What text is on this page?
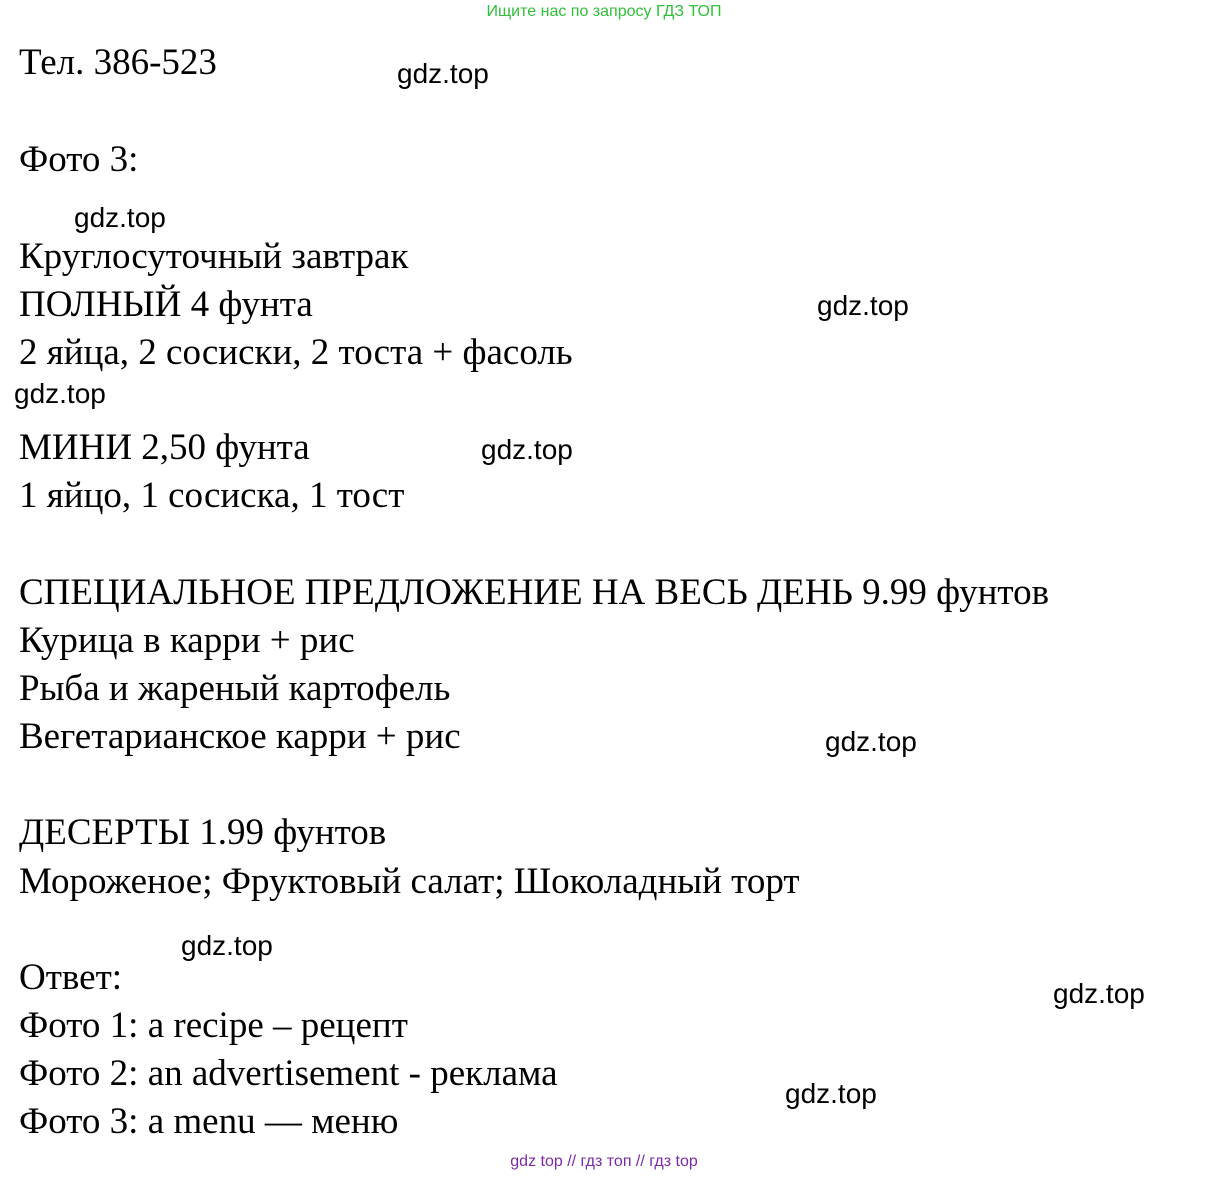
Ищите нас по запросу ГДЗ ТОП
Тел. 386-523
Фото 3:
Круглосуточный завтрак
ПОЛНЫЙ 4 фунта
2 яйца, 2 сосиски, 2 тоста + фасоль
МИНИ 2,50 фунта
1 яйцо, 1 сосиска, 1 тост
СПЕЦИАЛЬНОЕ ПРЕДЛОЖЕНИЕ НА ВЕСЬ ДЕНЬ 9.99 фунтов
Курица в карри + рис
Рыба и жареный картофель
Вегетарианское карри + рис
ДЕСЕРТЫ 1.99 фунтов
Мороженое; Фруктовый салат; Шоколадный торт
Ответ:
Фото 1: a recipe – рецепт
Фото 2: an advertisement - реклама
Фото 3: a menu — меню
gdz.top
gdz.top
gdz.top
gdz.top
gdz.top
gdz.top
gdz.top
gdz.top
gdz.top
gdz top // гдз топ // гдз top
